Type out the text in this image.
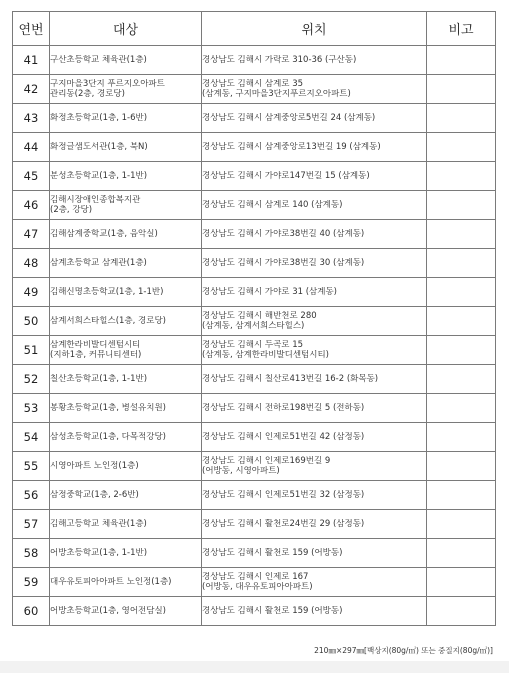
연번	대상	위치	비고
41	구산초등학교 체육관(1층)	경상남도 김해시 가락로 310-36 (구산동)	

42	구지마을3단지 푸르지오아파트
관리동(2층, 경로당)	경상남도 김해시 삼계로 35
(삼계동, 구지마을3단지푸르지오아파트)	

43	화정초등학교(1층, 1-6반)	경상남도 김해시 삼계중앙로5번길 24 (삼계동)	

44	화정글샘도서관(1층, 북N)	경상남도 김해시 삼계중앙로13번길 19 (삼계동)	

45	분성초등학교(1층, 1-1반)	경상남도 김해시 가야로147번길 15 (삼계동)	

46	김해시장애인종합복지관
(2층, 강당)	경상남도 김해시 삼계로 140 (삼계동)	

47	김해삼계중학교(1층, 음악실)	경상남도 김해시 가야로38번길 40 (삼계동)	

48	삼계초등학교 삼계관(1층)	경상남도 김해시 가야로38번길 30 (삼계동)	

49	김해신명초등학교(1층, 1-1반)	경상남도 김해시 가야로 31 (삼계동)	

50	삼계서희스타힐스(1층, 경로당)	경상남도 김해시 해반천로 280
(삼계동, 삼계서희스타힐스)	

51	삼계한라비발디센텀시티
(지하1층, 커뮤니티센터)	경상남도 김해시 두곡로 15
(삼계동, 삼계한라비발디센텀시티)	

52	칠산초등학교(1층, 1-1반)	경상남도 김해시 칠산로413번길 16-2 (화목동)	

53	봉황초등학교(1층, 병설유치원)	경상남도 김해시 전하로198번길 5 (전하동)	

54	삼성초등학교(1층, 다목적강당)	경상남도 김해시 인제로51번길 42 (삼정동)	

55	시영아파트 노인정(1층)	경상남도 김해시 인제로169번길 9
(어방동, 시영아파트)	

56	삼정중학교(1층, 2-6반)	경상남도 김해시 인제로51번길 32 (삼정동)	

57	김해고등학교 체육관(1층)	경상남도 김해시 활천로24번길 29 (삼정동)	

58	어방초등학교(1층, 1-1반)	경상남도 김해시 활천로 159 (어방동)	

59	대우유토피아아파트 노인정(1층)	경상남도 김해시 인제로 167
(어방동, 대우유토피아아파트)	

60	어방초등학교(1층, 영어전담실)	경상남도 김해시 활천로 159 (어방동)	

210㎜×297㎜[백상지(80g/㎡) 또는 중질지(80g/㎡)]
